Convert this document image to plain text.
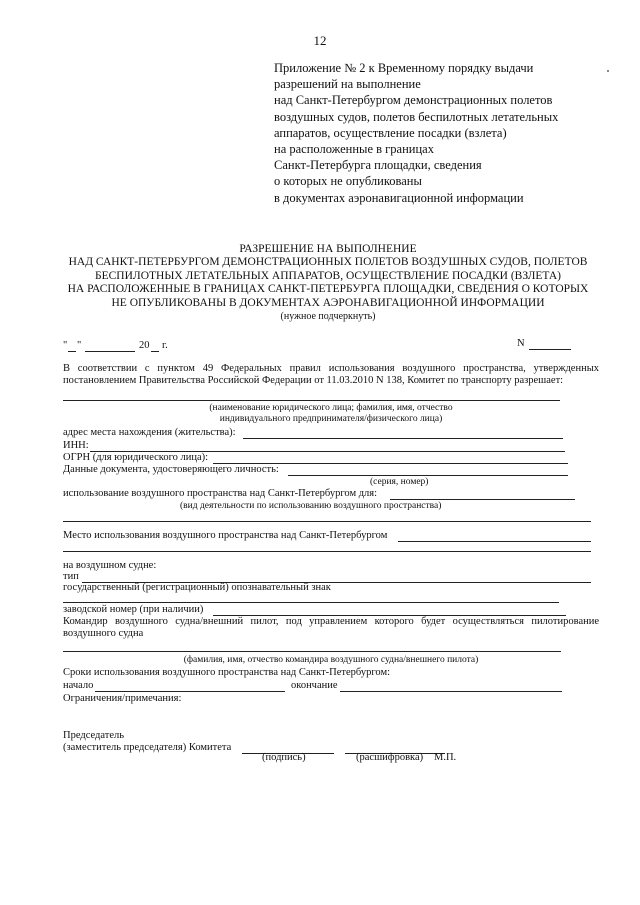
12
Приложение № 2 к Временному порядку выдачи
разрешений на выполнение
над Санкт-Петербургом демонстрационных полетов
воздушных судов, полетов беспилотных летательных
аппаратов, осуществление посадки (взлета)
на расположенные в границах
Санкт-Петербурга площадки, сведения
о которых не опубликованы
в документах аэронавигационной информации
РАЗРЕШЕНИЕ НА ВЫПОЛНЕНИЕ
НАД САНКТ-ПЕТЕРБУРГОМ ДЕМОНСТРАЦИОННЫХ ПОЛЕТОВ ВОЗДУШНЫХ СУДОВ, ПОЛЕТОВ
БЕСПИЛОТНЫХ ЛЕТАТЕЛЬНЫХ АППАРАТОВ, ОСУЩЕСТВЛЕНИЕ ПОСАДКИ (ВЗЛЕТА)
НА РАСПОЛОЖЕННЫЕ В ГРАНИЦАХ САНКТ-ПЕТЕРБУРГА ПЛОЩАДКИ, СВЕДЕНИЯ О КОТОРЫХ
НЕ ОПУБЛИКОВАНЫ В ДОКУМЕНТАХ АЭРОНАВИГАЦИОННОЙ ИНФОРМАЦИИ
(нужное подчеркнуть)
" "	20 г.	N
В соответствии с пунктом 49 Федеральных правил использования воздушного пространства, утвержденных
постановлением Правительства Российской Федерации от 11.03.2010 N 138, Комитет по транспорту разрешает:
(наименование юридического лица; фамилия, имя, отчество
индивидуального предпринимателя/физического лица)
адрес места нахождения (жительства):
ИНН:
ОГРН (для юридического лица):
Данные документа, удостоверяющего личность:
(серия, номер)
использование воздушного пространства над Санкт-Петербургом для:
(вид деятельности по использованию воздушного пространства)
Место использования воздушного пространства над Санкт-Петербургом
на воздушном судне:
тип
государственный (регистрационный) опознавательный знак
заводской номер (при наличии)
Командир воздушного судна/внешний пилот, под управлением которого будет осуществляться пилотирование
воздушного судна
(фамилия, имя, отчество командира воздушного судна/внешнего пилота)
Сроки использования воздушного пространства над Санкт-Петербургом:
начало	окончание
Ограничения/примечания:
Председатель
(заместитель председателя) Комитета
(подпись)	(расшифровка) М.П.
